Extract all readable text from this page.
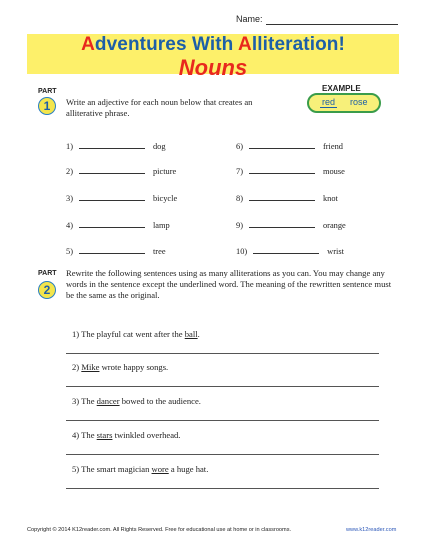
Name:
Adventures With Alliteration!
Nouns
EXAMPLE
red rose
PART
1	Write an adjective for each noun below that creates an alliterative phrase.
1)	dog
2)	picture
3)	bicycle
4)	lamp
5)	tree
6)	friend
7)	mouse
8)	knot
9)	orange
10)	wrist
PART
2
Rewrite the following sentences using as many alliterations as you can. You may change any words in the sentence except the underlined word. The meaning of the rewritten sentence must be the same as the original.
1) The playful cat went after the ball.
2) Mike wrote happy songs.
3) The dancer bowed to the audience.
4) The stars twinkled overhead.
5) The smart magician wore a huge hat.
Copyright © 2014 K12reader.com. All Rights Reserved. Free for educational use at home or in classrooms.	www.k12reader.com
